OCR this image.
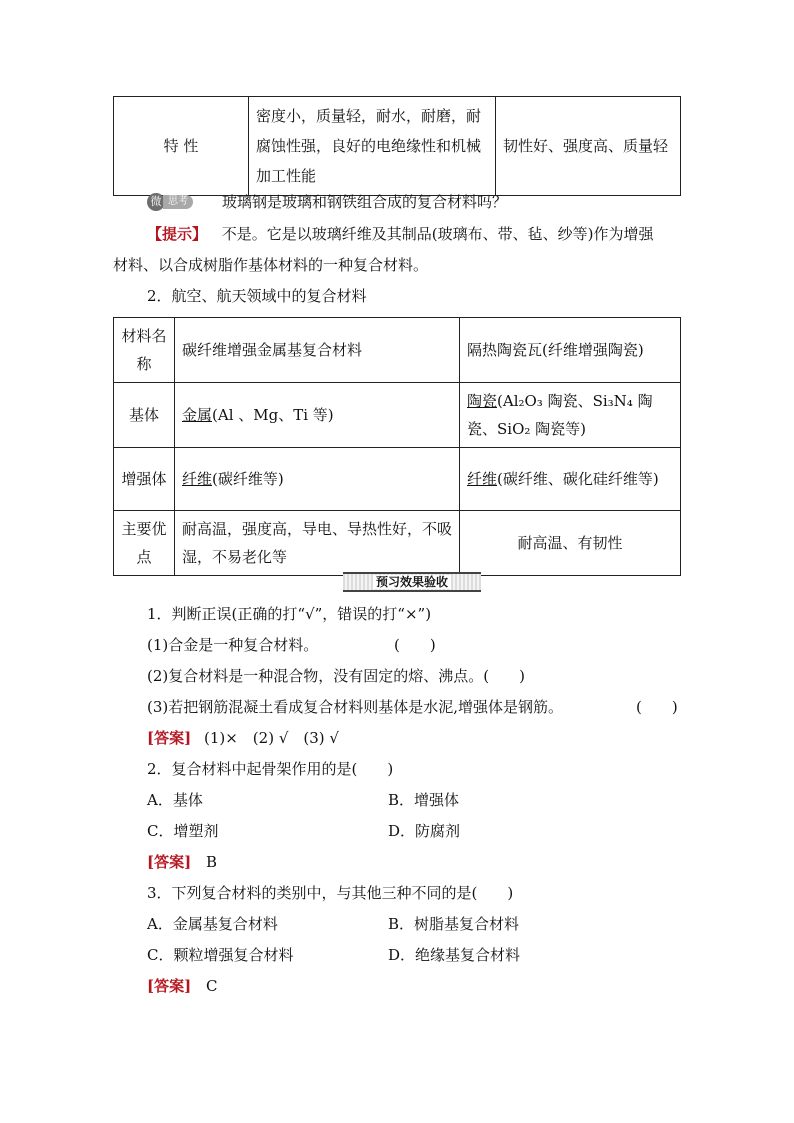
特 性	密度小，质量轻，耐水，耐磨，耐腐蚀性强，良好的电绝缘性和机械加工性能	韧性好、强度高、质量轻
微 思考	玻璃钢是玻璃和钢铁组合成的复合材料吗？
【提示】 不是。它是以玻璃纤维及其制品(玻璃布、带、毡、纱等)作为增强
材料、以合成树脂作基体材料的一种复合材料。
2．航空、航天领域中的复合材料
材料名称	碳纤维增强金属基复合材料	隔热陶瓷瓦(纤维增强陶瓷)
基体	金属(Al 、Mg、Ti 等)	陶瓷(Al₂O₃ 陶瓷、Si₃N₄ 陶瓷、SiO₂ 陶瓷等)
增强体	纤维(碳纤维等)	纤维(碳纤维、碳化硅纤维等)
主要优点	耐高温，强度高，导电、导热性好，不吸湿，不易老化等	耐高温、有韧性
预习效果验收
1．判断正误(正确的打“√”，错误的打“×”)
(1)合金是一种复合材料。	(　　)
(2)复合材料是一种混合物，没有固定的熔、沸点。(　　)
(3)若把钢筋混凝土看成复合材料则基体是水泥,增强体是钢筋。	(　　)
[答案] (1)×　(2) √　(3) √
2．复合材料中起骨架作用的是(　　)
A．基体	B．增强体
C．增塑剂	D．防腐剂
[答案] B
3．下列复合材料的类别中，与其他三种不同的是(　　)
A．金属基复合材料	B．树脂基复合材料
C．颗粒增强复合材料	D．绝缘基复合材料
[答案] C
